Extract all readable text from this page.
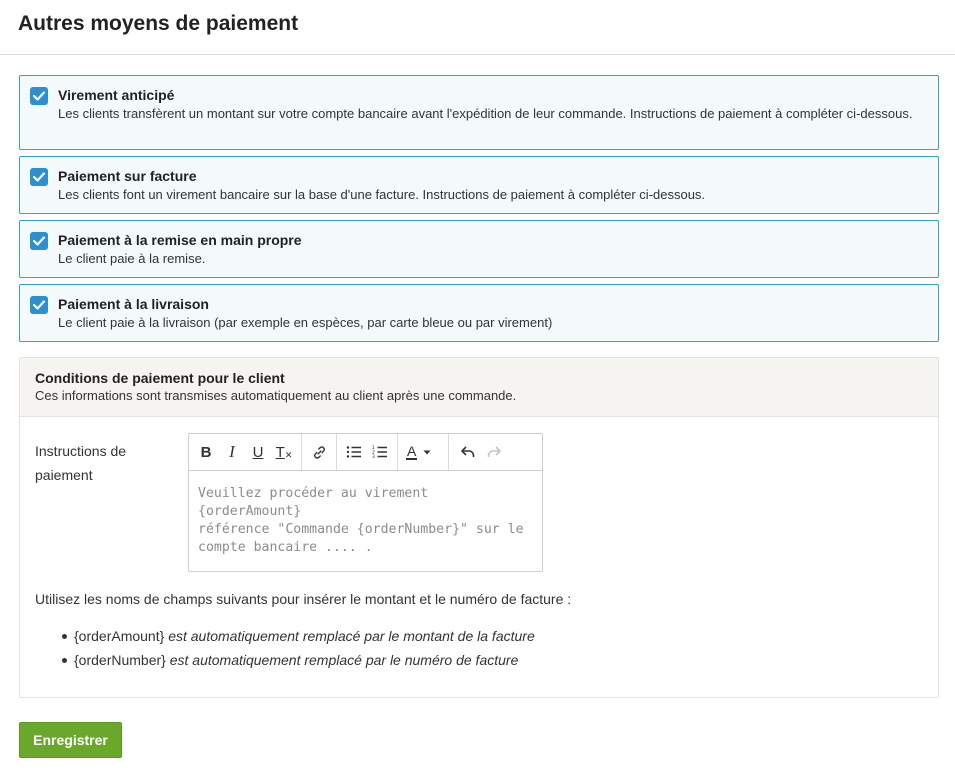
Autres moyens de paiement
Virement anticipé
Les clients transfèrent un montant sur votre compte bancaire avant l'expédition de leur commande. Instructions de paiement à compléter ci-dessous.
Paiement sur facture
Les clients font un virement bancaire sur la base d'une facture. Instructions de paiement à compléter ci-dessous.
Paiement à la remise en main propre
Le client paie à la remise.
Paiement à la livraison
Le client paie à la livraison (par exemple en espèces, par carte bleue ou par virement)
Conditions de paiement pour le client
Ces informations sont transmises automatiquement au client après une commande.
Instructions de paiement
B	I	U T ✕
1
2
3 A
Veuillez procéder au virement {orderAmount}
référence "Commande {orderNumber}" sur le
compte bancaire .... .
Utilisez les noms de champs suivants pour insérer le montant et le numéro de facture :
{orderAmount} est automatiquement remplacé par le montant de la facture
{orderNumber} est automatiquement remplacé par le numéro de facture
Enregistrer
